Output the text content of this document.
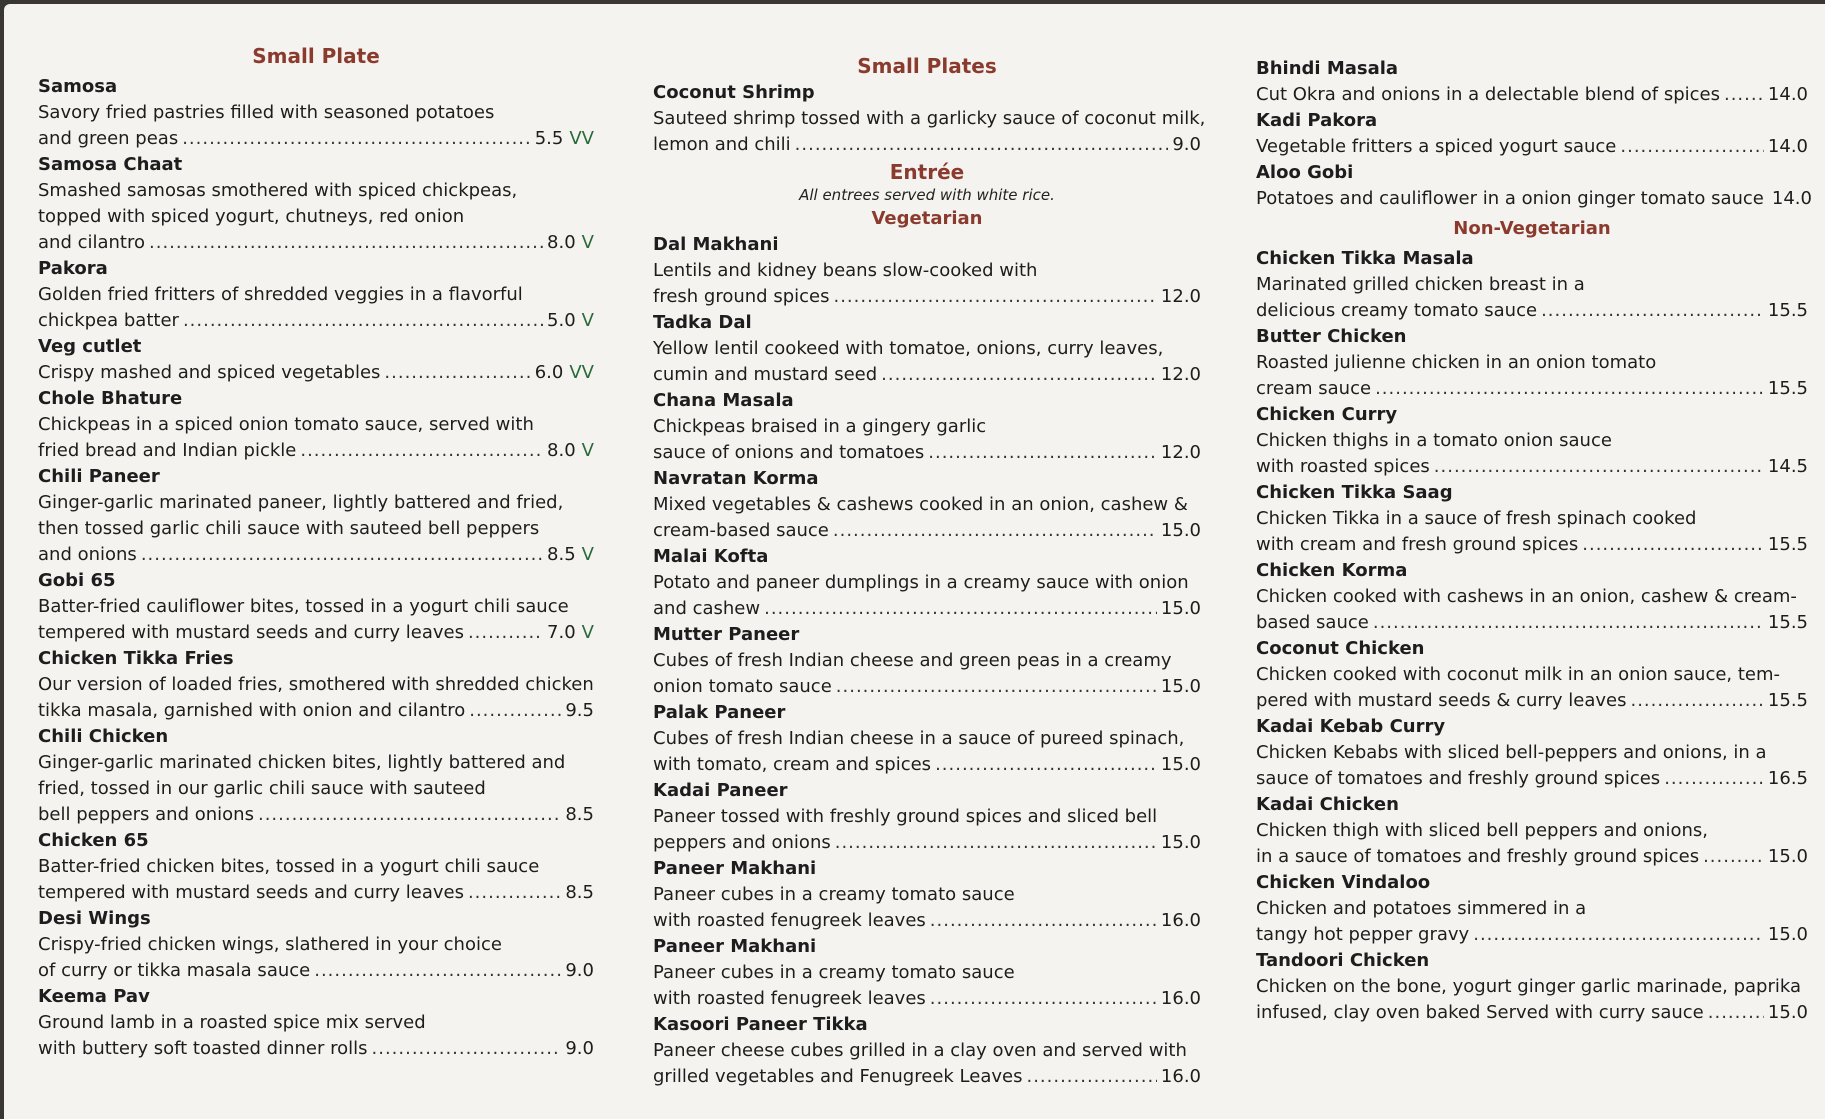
Small Plate
Samosa
Savory fried pastries filled with seasoned potatoes
and green peas .....	5.5 VV
Samosa Chaat
Smashed samosas smothered with spiced chickpeas,
topped with spiced yogurt, chutneys, red onion
and cilantro .....	8.0 V
Pakora
Golden fried fritters of shredded veggies in a flavorful
chickpea batter .....	5.0 V
Veg cutlet
Crispy mashed and spiced vegetables .....	6.0 VV
Chole Bhature
Chickpeas in a spiced onion tomato sauce, served with
fried bread and Indian pickle .....	8.0 V
Chili Paneer
Ginger-garlic marinated paneer, lightly battered and fried,
then tossed garlic chili sauce with sauteed bell peppers
and onions .....	8.5 V
Gobi 65
Batter-fried cauliflower bites, tossed in a yogurt chili sauce
tempered with mustard seeds and curry leaves .....	7.0 V
Chicken Tikka Fries
Our version of loaded fries, smothered with shredded chicken
tikka masala, garnished with onion and cilantro .....	9.5
Chili Chicken
Ginger-garlic marinated chicken bites, lightly battered and
fried, tossed in our garlic chili sauce with sauteed
bell peppers and onions .....	8.5
Chicken 65
Batter-fried chicken bites, tossed in a yogurt chili sauce
tempered with mustard seeds and curry leaves .....	8.5
Desi Wings
Crispy-fried chicken wings, slathered in your choice
of curry or tikka masala sauce .....	9.0
Keema Pav
Ground lamb in a roasted spice mix served
with buttery soft toasted dinner rolls .....	9.0
Small Plates
Coconut Shrimp
Sauteed shrimp tossed with a garlicky sauce of coconut milk,
lemon and chili .....	9.0
Entrée
All entrees served with white rice.
Vegetarian
Dal Makhani
Lentils and kidney beans slow-cooked with
fresh ground spices .....	12.0
Tadka Dal
Yellow lentil cookeed with tomatoe, onions, curry leaves,
cumin and mustard seed .....	12.0
Chana Masala
Chickpeas braised in a gingery garlic
sauce of onions and tomatoes .....	12.0
Navratan Korma
Mixed vegetables & cashews cooked in an onion, cashew &
cream-based sauce .....	15.0
Malai Kofta
Potato and paneer dumplings in a creamy sauce with onion
and cashew .....	15.0
Mutter Paneer
Cubes of fresh Indian cheese and green peas in a creamy
onion tomato sauce .....	15.0
Palak Paneer
Cubes of fresh Indian cheese in a sauce of pureed spinach,
with tomato, cream and spices .....	15.0
Kadai Paneer
Paneer tossed with freshly ground spices and sliced bell
peppers and onions .....	15.0
Paneer Makhani
Paneer cubes in a creamy tomato sauce
with roasted fenugreek leaves .....	16.0
Paneer Makhani
Paneer cubes in a creamy tomato sauce
with roasted fenugreek leaves .....	16.0
Kasoori Paneer Tikka
Paneer cheese cubes grilled in a clay oven and served with
grilled vegetables and Fenugreek Leaves .....	16.0
Bhindi Masala
Cut Okra and onions in a delectable blend of spices .....	14.0
Kadi Pakora
Vegetable fritters a spiced yogurt sauce .....	14.0
Aloo Gobi
Potatoes and cauliflower in a onion ginger tomato sauce 14.0
Non-Vegetarian
Chicken Tikka Masala
Marinated grilled chicken breast in a
delicious creamy tomato sauce .....	15.5
Butter Chicken
Roasted julienne chicken in an onion tomato
cream sauce .....	15.5
Chicken Curry
Chicken thighs in a tomato onion sauce
with roasted spices .....	14.5
Chicken Tikka Saag
Chicken Tikka in a sauce of fresh spinach cooked
with cream and fresh ground spices .....	15.5
Chicken Korma
Chicken cooked with cashews in an onion, cashew & cream-
based sauce .....	15.5
Coconut Chicken
Chicken cooked with coconut milk in an onion sauce, tem-
pered with mustard seeds & curry leaves .....	15.5
Kadai Kebab Curry
Chicken Kebabs with sliced bell-peppers and onions, in a
sauce of tomatoes and freshly ground spices .....	16.5
Kadai Chicken
Chicken thigh with sliced bell peppers and onions,
in a sauce of tomatoes and freshly ground spices .....	15.0
Chicken Vindaloo
Chicken and potatoes simmered in a
tangy hot pepper gravy .....	15.0
Tandoori Chicken
Chicken on the bone, yogurt ginger garlic marinade, paprika
infused, clay oven baked Served with curry sauce .....	15.0
